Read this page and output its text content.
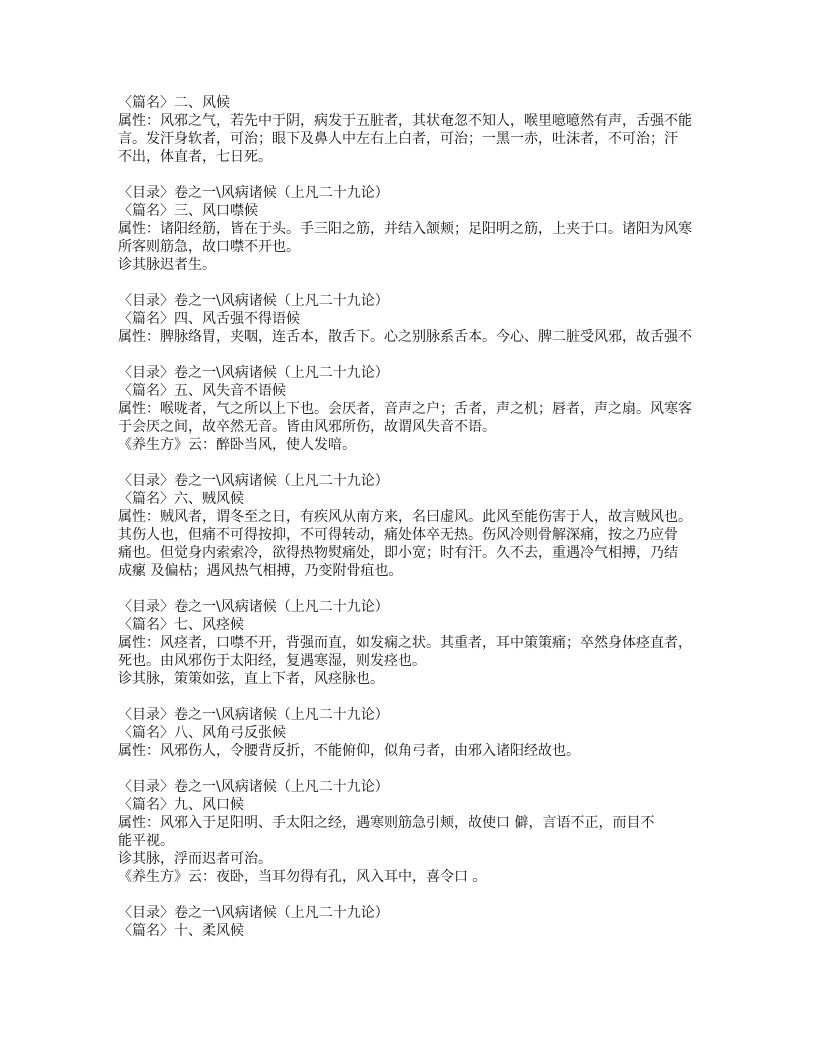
〈篇名〉二、风候
属性：风邪之气，若先中于阴，病发于五脏者，其状奄忽不知人，喉里噫噫然有声，舌强不能
言。发汗身软者，可治；眼下及鼻人中左右上白者，可治；一黑一赤，吐沫者，不可治；汗
不出，体直者，七日死。
〈目录〉卷之一\风病诸候（上凡二十九论）
〈篇名〉三、风口噤候
属性：诸阳经筋，皆在于头。手三阳之筋，并结入颔颊；足阳明之筋，上夹于口。诸阳为风寒
所客则筋急，故口噤不开也。
诊其脉迟者生。
〈目录〉卷之一\风病诸候（上凡二十九论）
〈篇名〉四、风舌强不得语候
属性：脾脉络胃，夹咽，连舌本，散舌下。心之别脉系舌本。今心、脾二脏受风邪，故舌强不
〈目录〉卷之一\风病诸候（上凡二十九论）
〈篇名〉五、风失音不语候
属性：喉咙者，气之所以上下也。会厌者，音声之户；舌者，声之机；唇者，声之扇。风寒客
于会厌之间，故卒然无音。皆由风邪所伤，故谓风失音不语。
《养生方》云：醉卧当风，使人发喑。
〈目录〉卷之一\风病诸候（上凡二十九论）
〈篇名〉六、贼风候
属性：贼风者，谓冬至之日，有疾风从南方来，名曰虚风。此风至能伤害于人，故言贼风也。
其伤人也，但痛不可得按抑，不可得转动，痛处体卒无热。伤风冷则骨解深痛，按之乃应骨
痛也。但觉身内索索冷，欲得热物熨痛处，即小宽；时有汗。久不去，重遇冷气相搏，乃结
成瘰 及偏枯；遇风热气相搏，乃变附骨疽也。
〈目录〉卷之一\风病诸候（上凡二十九论）
〈篇名〉七、风痉候
属性：风痉者，口噤不开，背强而直，如发痫之状。其重者，耳中策策痛；卒然身体痉直者，
死也。由风邪伤于太阳经，复遇寒湿，则发痉也。
诊其脉，策策如弦，直上下者，风痉脉也。
〈目录〉卷之一\风病诸候（上凡二十九论）
〈篇名〉八、风角弓反张候
属性：风邪伤人，令腰背反折，不能俯仰，似角弓者，由邪入诸阳经故也。
〈目录〉卷之一\风病诸候（上凡二十九论）
〈篇名〉九、风口候
属性：风邪入于足阳明、手太阳之经，遇寒则筋急引颊，故使口 僻，言语不正，而目不
能平视。
诊其脉，浮而迟者可治。
《养生方》云：夜卧，当耳勿得有孔，风入耳中，喜令口 。
〈目录〉卷之一\风病诸候（上凡二十九论）
〈篇名〉十、柔风候
